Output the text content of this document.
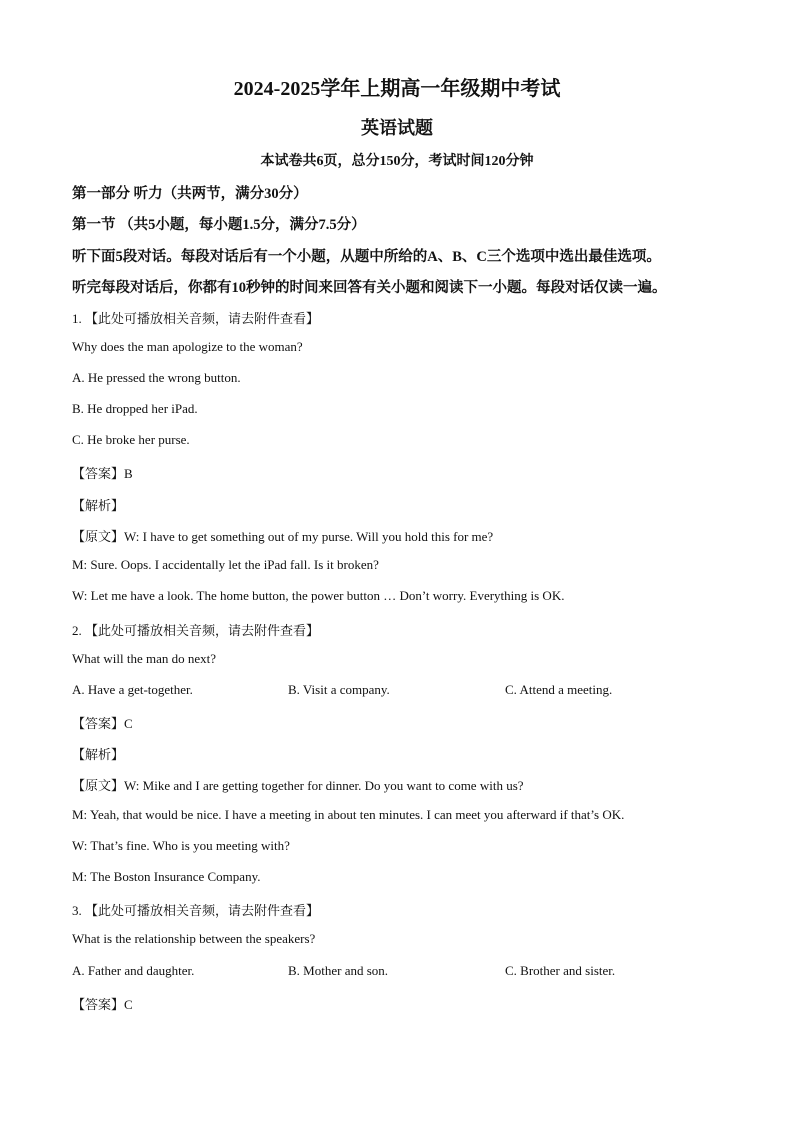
2024-2025学年上期高一年级期中考试
英语试题
本试卷共6页，总分150分，考试时间120分钟
第一部分 听力（共两节，满分30分）
第一节 （共5小题，每小题1.5分，满分7.5分）
听下面5段对话。每段对话后有一个小题，从题中所给的A、B、C三个选项中选出最佳选项。
听完每段对话后，你都有10秒钟的时间来回答有关小题和阅读下一小题。每段对话仅读一遍。
1. 【此处可播放相关音频，请去附件查看】
Why does the man apologize to the woman?
A. He pressed the wrong button.
B. He dropped her iPad.
C. He broke her purse.
【答案】B
【解析】
【原文】W: I have to get something out of my purse. Will you hold this for me?
M: Sure. Oops. I accidentally let the iPad fall. Is it broken?
W: Let me have a look. The home button, the power button … Don’t worry. Everything is OK.
2. 【此处可播放相关音频，请去附件查看】
What will the man do next?
A. Have a get-together.	B. Visit a company.	C. Attend a meeting.
【答案】C
【解析】
【原文】W: Mike and I are getting together for dinner. Do you want to come with us?
M: Yeah, that would be nice. I have a meeting in about ten minutes. I can meet you afterward if that’s OK.
W: That’s fine. Who is you meeting with?
M: The Boston Insurance Company.
3. 【此处可播放相关音频，请去附件查看】
What is the relationship between the speakers?
A. Father and daughter.	B. Mother and son.	C. Brother and sister.
【答案】C
